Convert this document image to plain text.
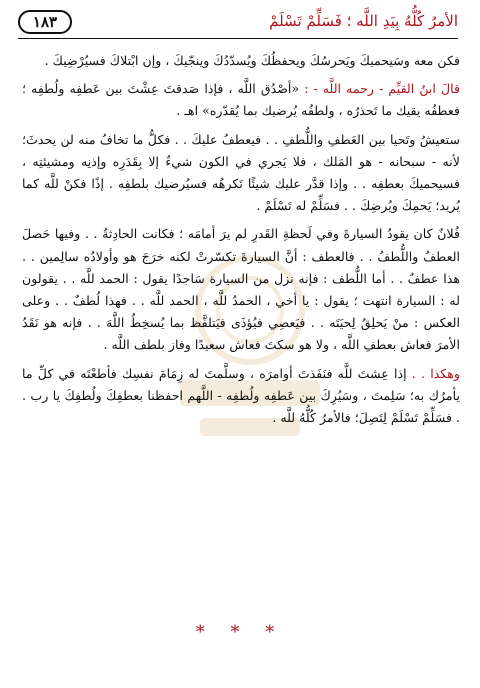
الأمرُ كُلُّهُ بِيَدِ اللَّه ؛ فَسَلِّمْ تَسْلَمْ
١٨٣

فكن معه وسَيحميكَ ويَحرسُكَ ويحفظُكَ ويُسدّدُكَ وينجّيكَ ، وإن ابْتلاكَ فسيُرْضِيكَ .

قالَ ابنُ القيِّم - رحمه اللَّه - : «أصْدُق اللَّه ، فإذا صَدقتَ عِشْتَ بين عَطفِه ولُطفِه ؛ فعطفُه يقيك ما تَحذرُه ، ولطفُه يُرضيك بما يُقدّره» اهـ .

ستعيشُ وتَحيا بين العَطفِ واللُّطفِ . . فيعطفُ عليكَ . . فكلُّ ما تخافُ منه لن يحدثَ؛ لأنه - سبحانه - هو المَلك ، فلا يَجري في الكون شيءٌ إلا بِقَدَرِه وإذنِه ومشيئتِه ، فسيحميكَ بعطفِه . . وإذا قدَّر عليك شيئًا تَكرهُه فسيُرضيك بلطفِه . إذًا فكنْ للَّه كما يُريد؛ يَحمِكَ ويُرضِكَ . . فسَلِّمْ له تَسْلَمْ .

فُلانٌ كان يقودُ السيارةَ وفي لَحظةِ القَدرِ لم يرَ أمامَه ؛ فكانت الحادِثةُ . . وفيها حَصلَ العطفُ واللُّطفُ . . فالعطف : أنَّ السيارةَ تكسّرتْ لكنه خرَجَ هو وأولادُه سالِمين . . هذا عطفٌ . . أما اللُّطف : فإنه نزل من السيارة سَاجدًا يقول : الحمد للَّه . . يقولون له : السيارة انتهت ؛ يقول : يا أخي ، الحمدُ للَّه ، الحمد للَّه . . فهذا لُطفٌ . . وعلى العكس : منْ يَحلِقُ لِحيَتَه . . فيَعصِي فيُؤذَى فيَتلفَّظ بما يُسخِطُ اللَّهَ . . فإنه هو نَقَدُ الأمرَ فعاش بعطفِ اللَّه ، ولا هو سكتَ فعاش سعيدًا وفاز بلطف اللَّه .

وهكذا . . إذا عِشتَ للَّه فنَفَذتَ أوامرَه ، وسلَّمتَ له زِمَامَ نفسِك فأطعْتَه في كلِّ ما يأمرُك به؛ سَلِمتَ ، وسَيُرِكَ بين عَطفِه ولُطفِه - اللَّهم احفظنا بعطفِكَ ولُطفِكَ يا رب . . فسَلِّمْ تَسْلَمْ لِتَصِلَ؛ فالأمرُ كُلُّهُ للَّه .

* * *
